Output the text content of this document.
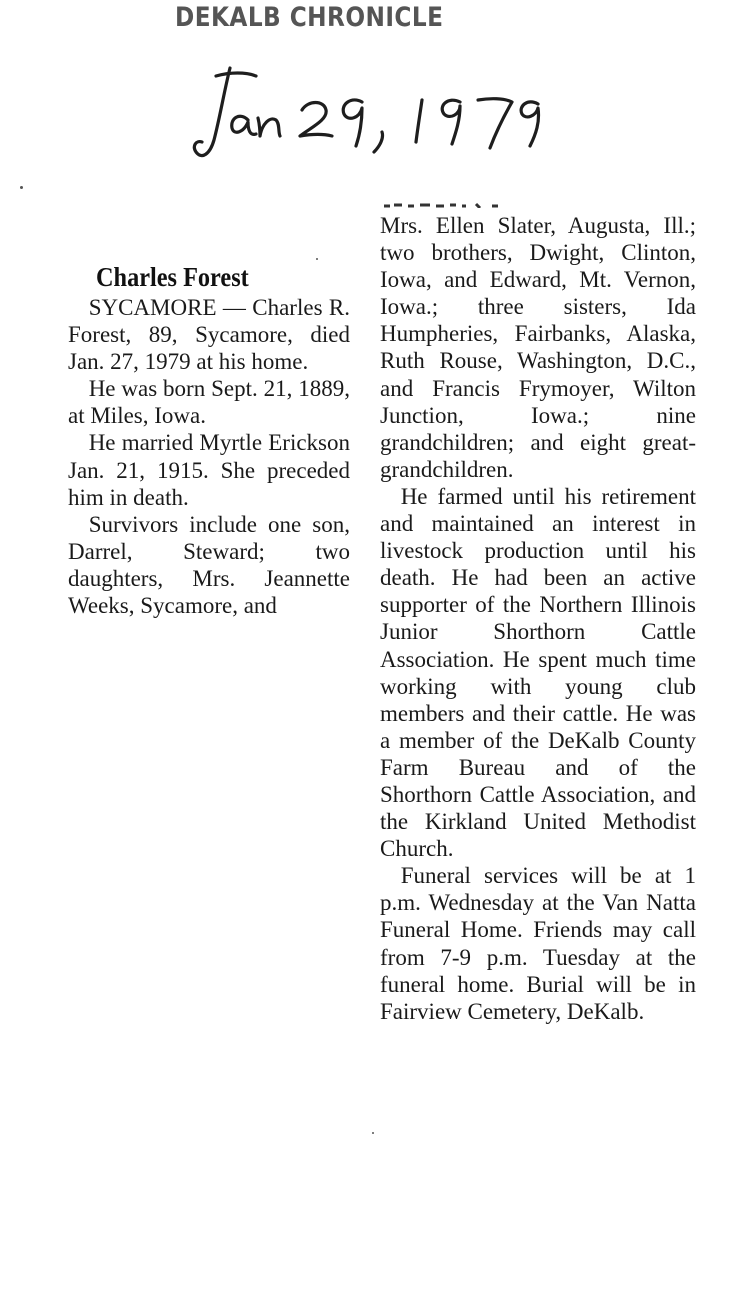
DEKALB CHRONICLE
Charles Forest

SYCAMORE — Charles R. Forest, 89, Sycamore, died Jan. 27, 1979 at his home.

He was born Sept. 21, 1889, at Miles, Iowa.

He married Myrtle Erickson Jan. 21, 1915. She preceded him in death.

Survivors include one son, Darrel, Steward; two daughters, Mrs. Jeannette Weeks, Sycamore, and

Mrs. Ellen Slater, Augusta, Ill.; two brothers, Dwight, Clinton, Iowa, and Edward, Mt. Vernon, Iowa.; three sisters, Ida Humpheries, Fairbanks, Alaska, Ruth Rouse, Washington, D.C., and Francis Frymoyer, Wilton Junction, Iowa.; nine grandchildren; and eight great-grandchildren.

He farmed until his retirement and maintained an interest in livestock production until his death. He had been an active supporter of the Northern Illinois Junior Shorthorn Cattle Association. He spent much time working with young club members and their cattle. He was a member of the DeKalb County Farm Bureau and of the Shorthorn Cattle Association, and the Kirkland United Methodist Church.

Funeral services will be at 1 p.m. Wednesday at the Van Natta Funeral Home. Friends may call from 7-9 p.m. Tuesday at the funeral home. Burial will be in Fairview Cemetery, DeKalb.
